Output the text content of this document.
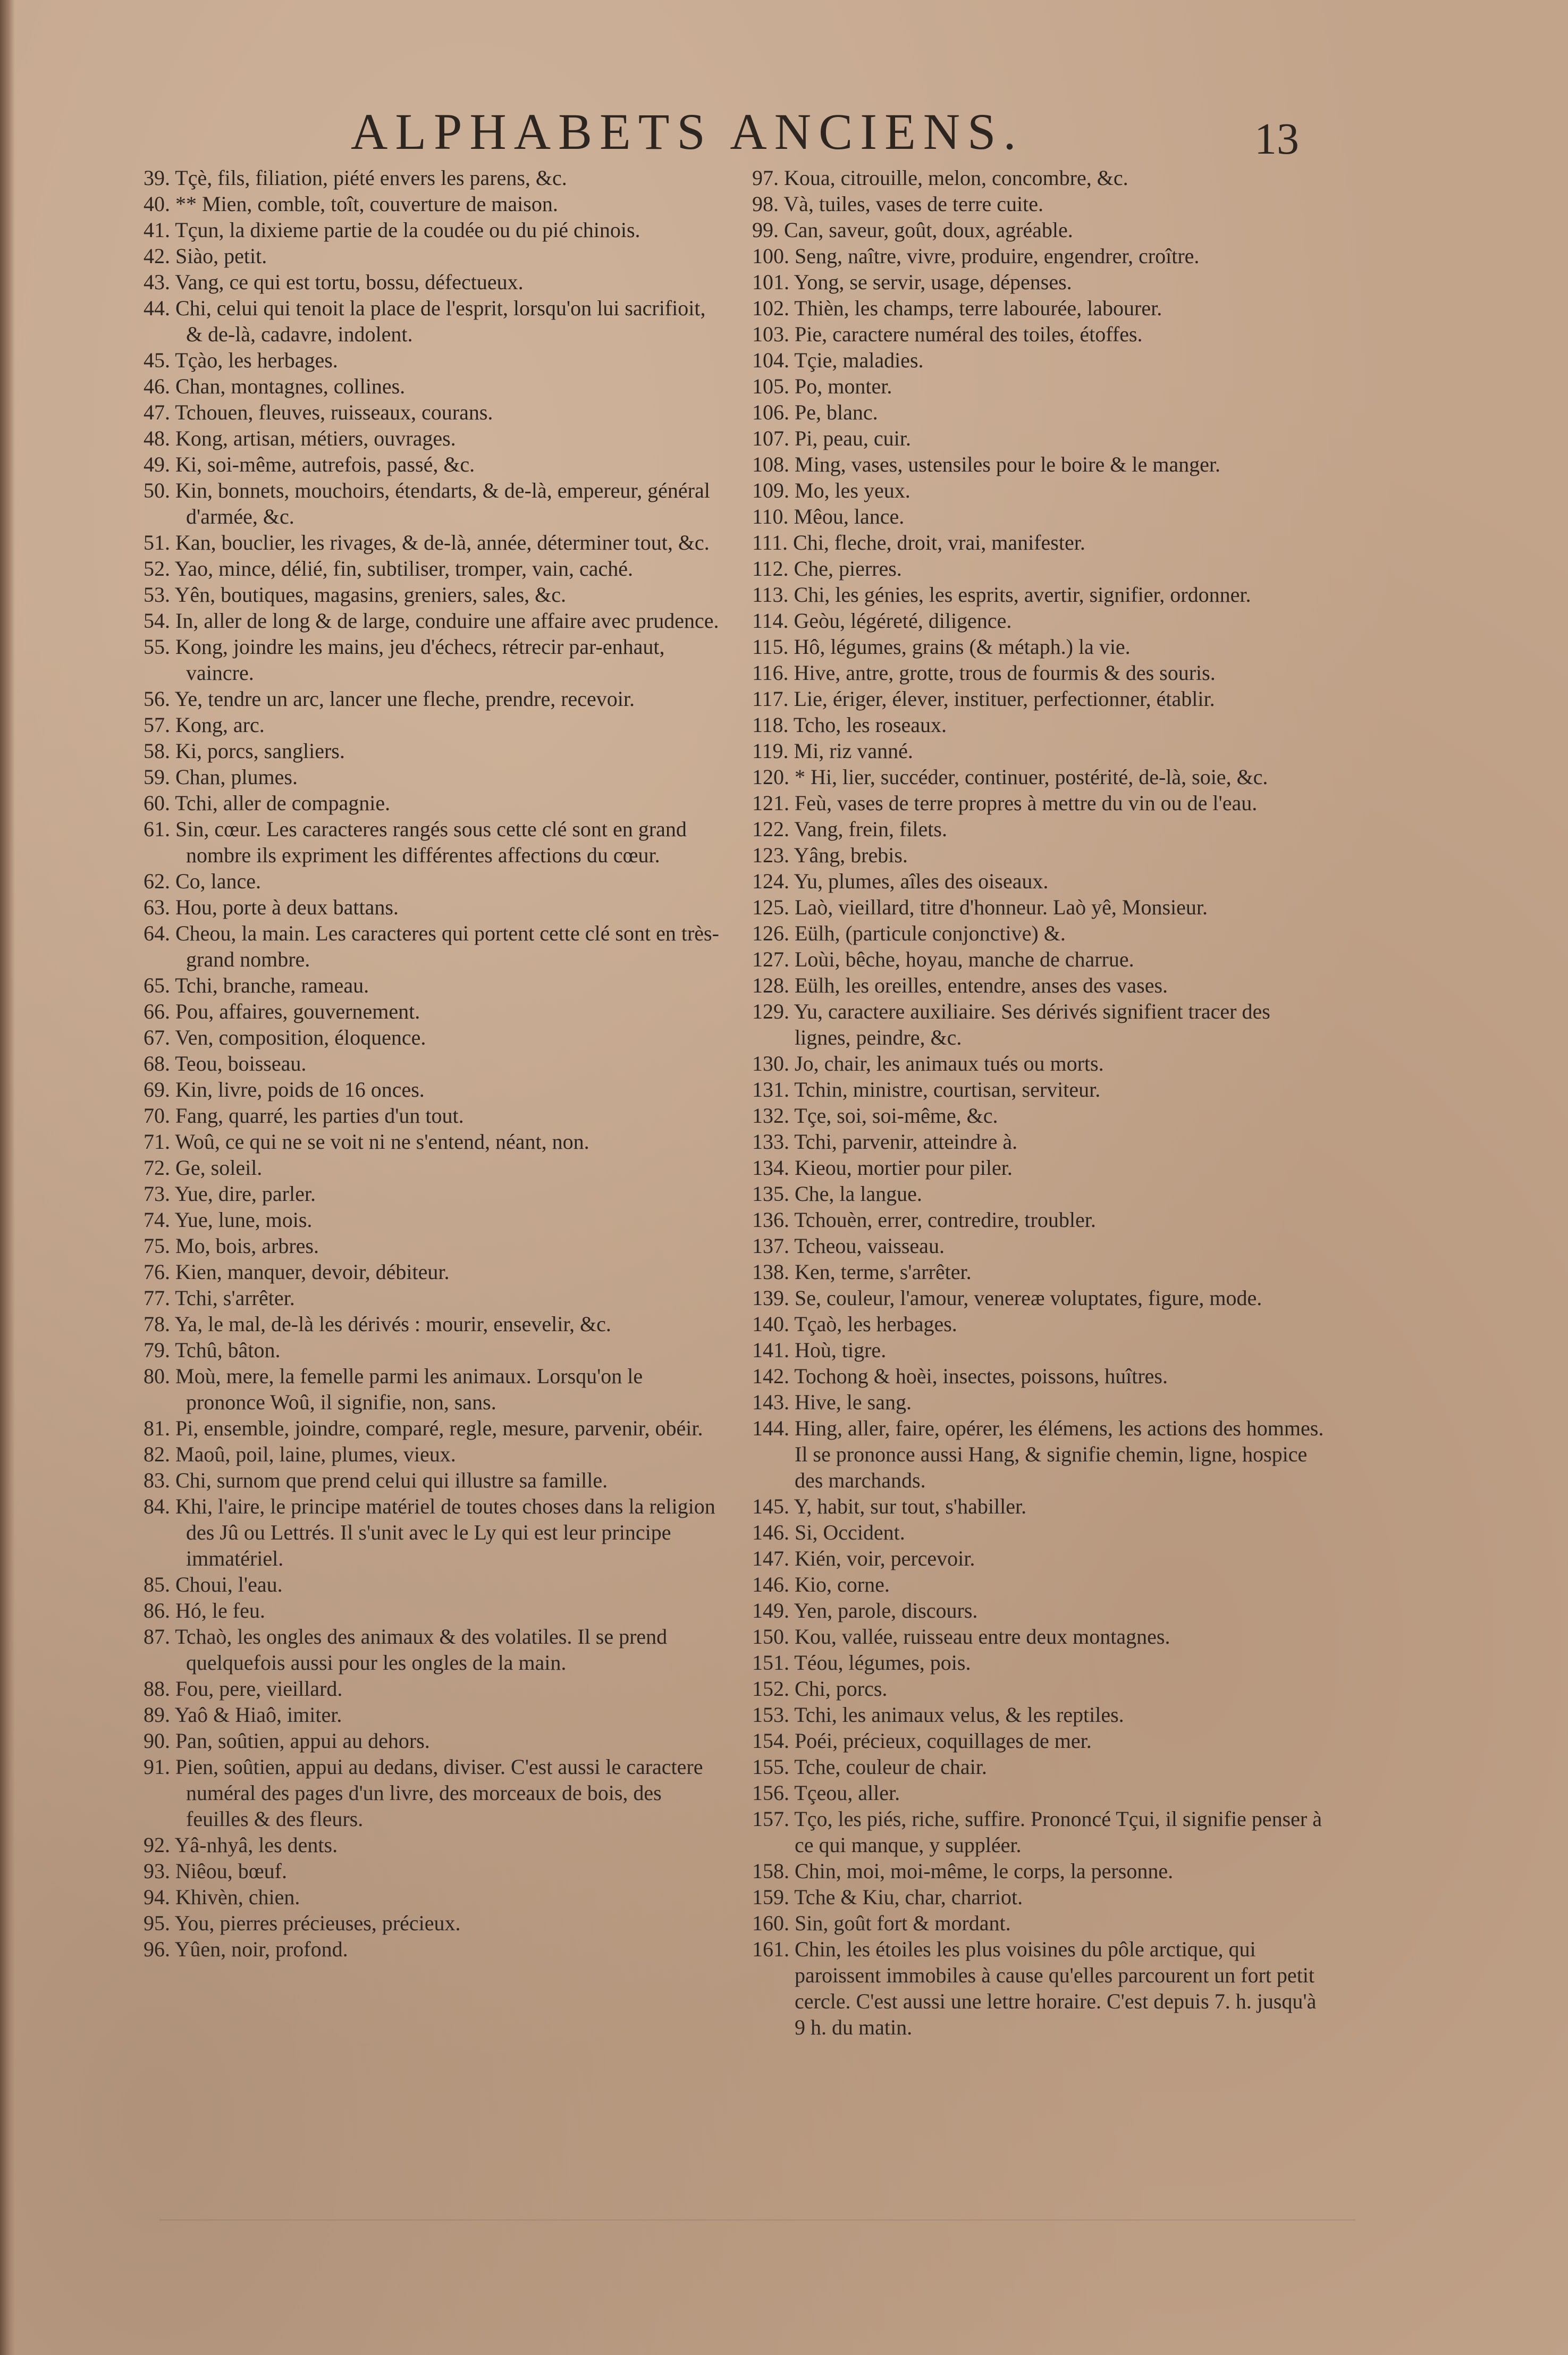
ALPHABETS ANCIENS.	13

39. Tçè, fils, filiation, piété envers les parens, &c.

40. ** Mien, comble, toît, couverture de maison.

41. Tçun, la dixieme partie de la coudée ou du pié chinois.

42. Siào, petit.

43. Vang, ce qui est tortu, bossu, défectueux.

44. Chi, celui qui tenoit la place de l'esprit, lorsqu'on lui sacrifioit, & de-là, cadavre, indolent.

45. Tçào, les herbages.

46. Chan, montagnes, collines.

47. Tchouen, fleuves, ruisseaux, courans.

48. Kong, artisan, métiers, ouvrages.

49. Ki, soi-même, autrefois, passé, &c.

50. Kin, bonnets, mouchoirs, étendarts, & de-là, empereur, général d'armée, &c.

51. Kan, bouclier, les rivages, & de-là, année, déterminer tout, &c.

52. Yao, mince, délié, fin, subtiliser, tromper, vain, caché.

53. Yên, boutiques, magasins, greniers, sales, &c.

54. In, aller de long & de large, conduire une affaire avec prudence.

55. Kong, joindre les mains, jeu d'échecs, rétrecir par-enhaut, vaincre.

56. Ye, tendre un arc, lancer une fleche, prendre, recevoir.

57. Kong, arc.

58. Ki, porcs, sangliers.

59. Chan, plumes.

60. Tchi, aller de compagnie.

61. Sin, cœur. Les caracteres rangés sous cette clé sont en grand nombre ils expriment les différentes affections du cœur.

62. Co, lance.

63. Hou, porte à deux battans.

64. Cheou, la main. Les caracteres qui portent cette clé sont en très-grand nombre.

65. Tchi, branche, rameau.

66. Pou, affaires, gouvernement.

67. Ven, composition, éloquence.

68. Teou, boisseau.

69. Kin, livre, poids de 16 onces.

70. Fang, quarré, les parties d'un tout.

71. Woû, ce qui ne se voit ni ne s'entend, néant, non.

72. Ge, soleil.

73. Yue, dire, parler.

74. Yue, lune, mois.

75. Mo, bois, arbres.

76. Kien, manquer, devoir, débiteur.

77. Tchi, s'arrêter.

78. Ya, le mal, de-là les dérivés : mourir, ensevelir, &c.

79. Tchû, bâton.

80. Moù, mere, la femelle parmi les animaux. Lorsqu'on le prononce Woû, il signifie, non, sans.

81. Pi, ensemble, joindre, comparé, regle, mesure, parvenir, obéir.

82. Maoû, poil, laine, plumes, vieux.

83. Chi, surnom que prend celui qui illustre sa famille.

84. Khi, l'aire, le principe matériel de toutes choses dans la religion des Jû ou Lettrés. Il s'unit avec le Ly qui est leur principe immatériel.

85. Choui, l'eau.

86. Hó, le feu.

87. Tchaò, les ongles des animaux & des volatiles. Il se prend quelquefois aussi pour les ongles de la main.

88. Fou, pere, vieillard.

89. Yaô & Hiaô, imiter.

90. Pan, soûtien, appui au dehors.

91. Pien, soûtien, appui au dedans, diviser. C'est aussi le caractere numéral des pages d'un livre, des morceaux de bois, des feuilles & des fleurs.

92. Yâ-nhyâ, les dents.

93. Niêou, bœuf.

94. Khivèn, chien.

95. You, pierres précieuses, précieux.

96. Yûen, noir, profond.

97. Koua, citrouille, melon, concombre, &c.

98. Và, tuiles, vases de terre cuite.

99. Can, saveur, goût, doux, agréable.

100. Seng, naître, vivre, produire, engendrer, croître.

101. Yong, se servir, usage, dépenses.

102. Thièn, les champs, terre labourée, labourer.

103. Pie, caractere numéral des toiles, étoffes.

104. Tçie, maladies.

105. Po, monter.

106. Pe, blanc.

107. Pi, peau, cuir.

108. Ming, vases, ustensiles pour le boire & le manger.

109. Mo, les yeux.

110. Mêou, lance.

111. Chi, fleche, droit, vrai, manifester.

112. Che, pierres.

113. Chi, les génies, les esprits, avertir, signifier, ordonner.

114. Geòu, légéreté, diligence.

115. Hô, légumes, grains (& métaph.) la vie.

116. Hive, antre, grotte, trous de fourmis & des souris.

117. Lie, ériger, élever, instituer, perfectionner, établir.

118. Tcho, les roseaux.

119. Mi, riz vanné.

120. * Hi, lier, succéder, continuer, postérité, de-là, soie, &c.

121. Feù, vases de terre propres à mettre du vin ou de l'eau.

122. Vang, frein, filets.

123. Yâng, brebis.

124. Yu, plumes, aîles des oiseaux.

125. Laò, vieillard, titre d'honneur. Laò yê, Monsieur.

126. Eülh, (particule conjonctive) &.

127. Loùi, bêche, hoyau, manche de charrue.

128. Eülh, les oreilles, entendre, anses des vases.

129. Yu, caractere auxiliaire. Ses dérivés signifient tracer des lignes, peindre, &c.

130. Jo, chair, les animaux tués ou morts.

131. Tchin, ministre, courtisan, serviteur.

132. Tçe, soi, soi-même, &c.

133. Tchi, parvenir, atteindre à.

134. Kieou, mortier pour piler.

135. Che, la langue.

136. Tchouèn, errer, contredire, troubler.

137. Tcheou, vaisseau.

138. Ken, terme, s'arrêter.

139. Se, couleur, l'amour, venereæ voluptates, figure, mode.

140. Tçaò, les herbages.

141. Hoù, tigre.

142. Tochong & hoèi, insectes, poissons, huîtres.

143. Hive, le sang.

144. Hing, aller, faire, opérer, les élémens, les actions des hommes. Il se prononce aussi Hang, & signifie chemin, ligne, hospice des marchands.

145. Y, habit, sur tout, s'habiller.

146. Si, Occident.

147. Kién, voir, percevoir.

146. Kio, corne.

149. Yen, parole, discours.

150. Kou, vallée, ruisseau entre deux montagnes.

151. Téou, légumes, pois.

152. Chi, porcs.

153. Tchi, les animaux velus, & les reptiles.

154. Poéi, précieux, coquillages de mer.

155. Tche, couleur de chair.

156. Tçeou, aller.

157. Tço, les piés, riche, suffire. Prononcé Tçui, il signifie penser à ce qui manque, y suppléer.

158. Chin, moi, moi-même, le corps, la personne.

159. Tche & Kiu, char, charriot.

160. Sin, goût fort & mordant.

161. Chin, les étoiles les plus voisines du pôle arctique, qui paroissent immobiles à cause qu'elles parcourent un fort petit cercle. C'est aussi une lettre horaire. C'est depuis 7. h. jusqu'à 9 h. du matin.
